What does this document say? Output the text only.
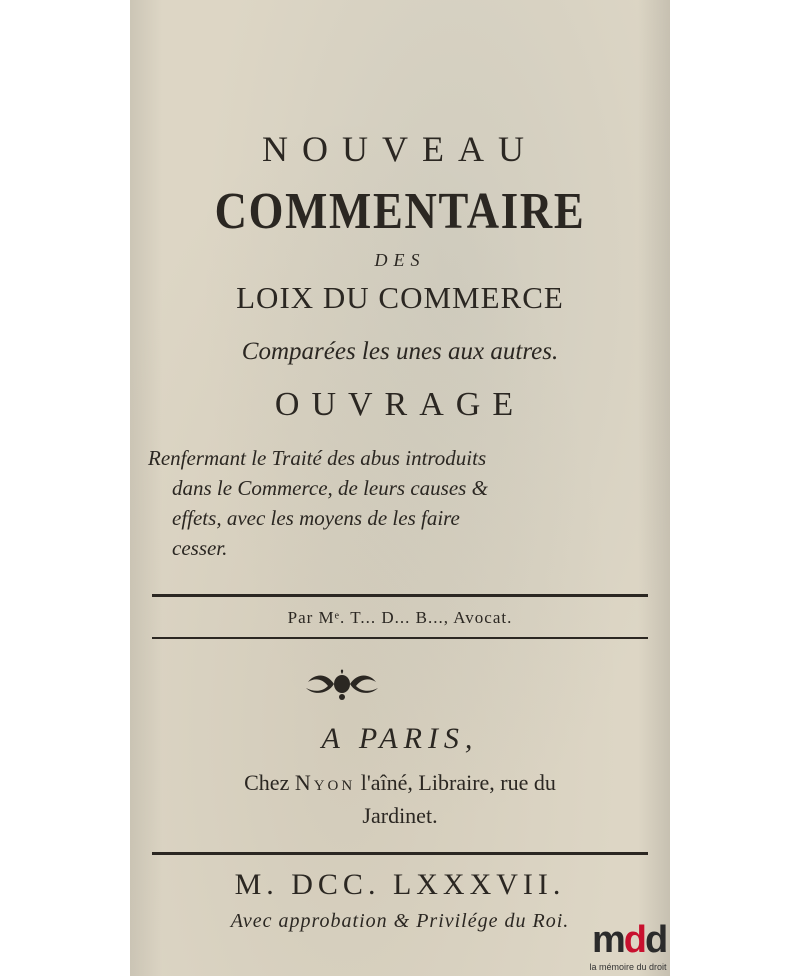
NOUVEAU
COMMENTAIRE
DES
LOIX DU COMMERCE
Comparées les unes aux autres.
OUVRAGE

Renfermant le Traité des abus introduits

dans le Commerce, de leurs causes &

effets, avec les moyens de les faire

cesser.

Par Mᵉ. T... D... B..., Avocat.
A PARIS,
Chez Nyon l'aîné, Libraire, rue du
Jardinet.
M. DCC. LXXXVII.
Avec approbation & Privilége du Roi. mdd
la mémoire du droit
